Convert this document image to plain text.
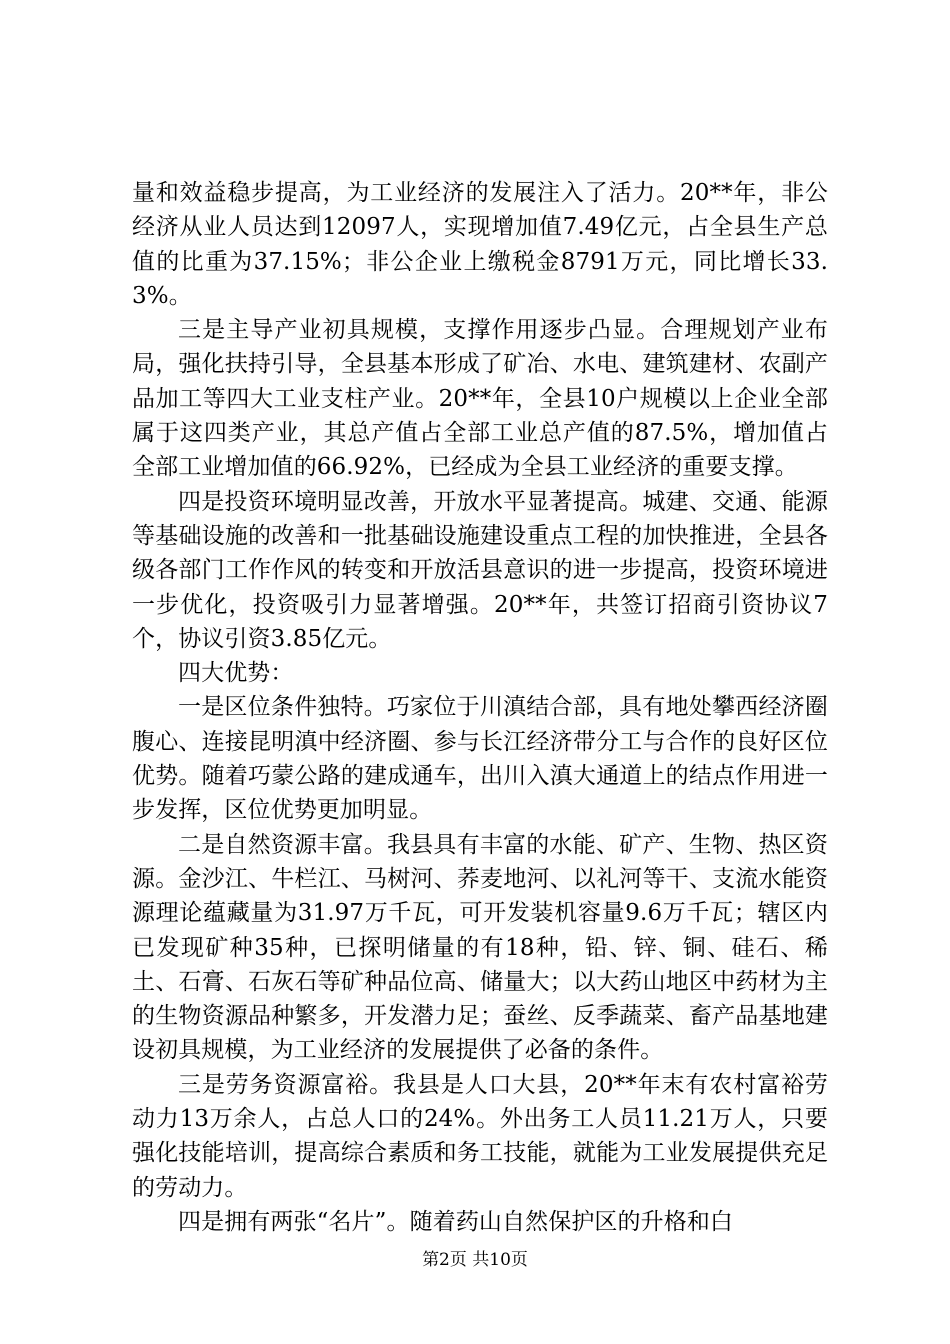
量和效益稳步提高，为工业经济的发展注入了活力。20**年，非公经济从业人员达到12097人，实现增加值7.49亿元，占全县生产总值的比重为37.15%；非公企业上缴税金8791万元，同比增长33.3%。

三是主导产业初具规模，支撑作用逐步凸显。合理规划产业布局，强化扶持引导，全县基本形成了矿冶、水电、建筑建材、农副产品加工等四大工业支柱产业。20**年，全县10户规模以上企业全部属于这四类产业，其总产值占全部工业总产值的87.5%，增加值占全部工业增加值的66.92%，已经成为全县工业经济的重要支撑。

四是投资环境明显改善，开放水平显著提高。城建、交通、能源等基础设施的改善和一批基础设施建设重点工程的加快推进，全县各级各部门工作作风的转变和开放活县意识的进一步提高，投资环境进一步优化，投资吸引力显著增强。20**年，共签订招商引资协议7个，协议引资3.85亿元。

四大优势：

一是区位条件独特。巧家位于川滇结合部，具有地处攀西经济圈腹心、连接昆明滇中经济圈、参与长江经济带分工与合作的良好区位优势。随着巧蒙公路的建成通车，出川入滇大通道上的结点作用进一步发挥，区位优势更加明显。

二是自然资源丰富。我县具有丰富的水能、矿产、生物、热区资源。金沙江、牛栏江、马树河、荞麦地河、以礼河等干、支流水能资源理论蕴藏量为31.97万千瓦，可开发装机容量9.6万千瓦；辖区内已发现矿种35种，已探明储量的有18种，铅、锌、铜、硅石、稀土、石膏、石灰石等矿种品位高、储量大；以大药山地区中药材为主的生物资源品种繁多，开发潜力足；蚕丝、反季蔬菜、畜产品基地建设初具规模，为工业经济的发展提供了必备的条件。

三是劳务资源富裕。我县是人口大县，20**年末有农村富裕劳动力13万余人，占总人口的24%。外出务工人员11.21万人，只要强化技能培训，提高综合素质和务工技能，就能为工业发展提供充足的劳动力。

四是拥有两张“名片”。随着药山自然保护区的升格和白

第2页 共10页
